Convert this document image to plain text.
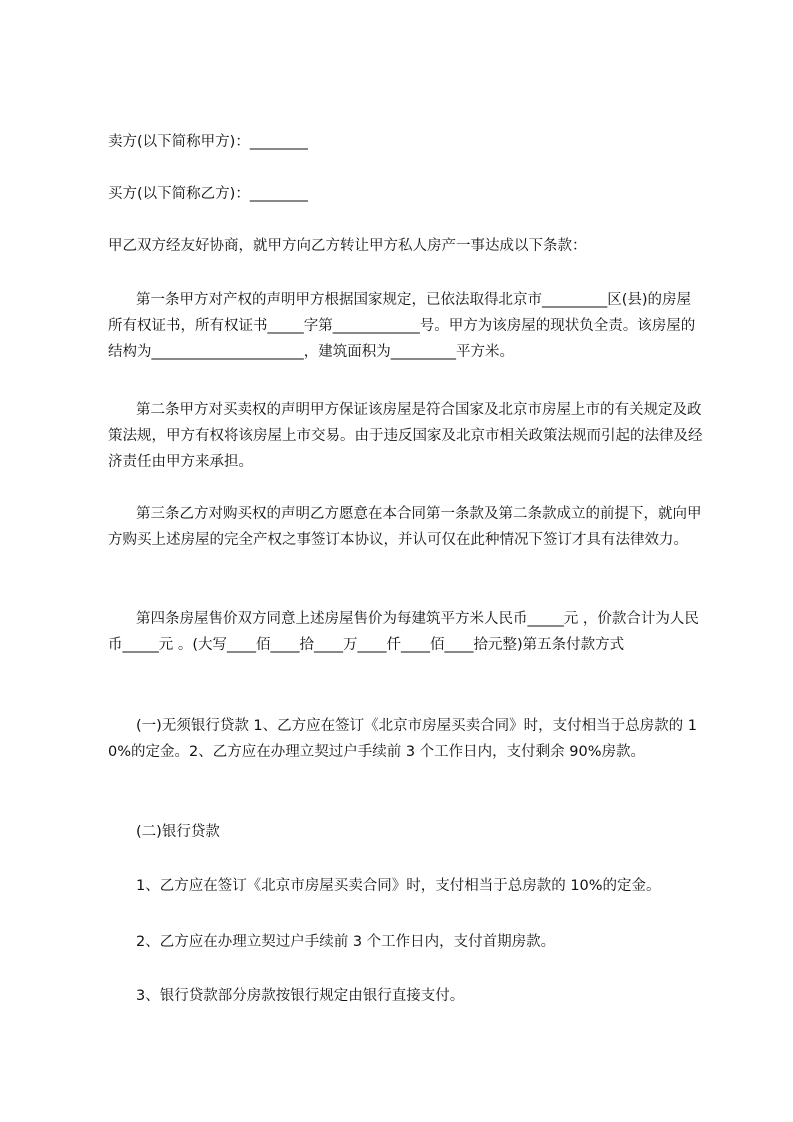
卖方(以下简称甲方)：________
买方(以下简称乙方)：________
甲乙双方经友好协商，就甲方向乙方转让甲方私人房产一事达成以下条款：
第一条甲方对产权的声明甲方根据国家规定，已依法取得北京市_________区(县)的房屋所有权证书，所有权证书_____字第____________号。甲方为该房屋的现状负全责。该房屋的结构为_____________________，建筑面积为_________平方米。
第二条甲方对买卖权的声明甲方保证该房屋是符合国家及北京市房屋上市的有关规定及政策法规，甲方有权将该房屋上市交易。由于违反国家及北京市相关政策法规而引起的法律及经济责任由甲方来承担。
第三条乙方对购买权的声明乙方愿意在本合同第一条款及第二条款成立的前提下，就向甲方购买上述房屋的完全产权之事签订本协议，并认可仅在此种情况下签订才具有法律效力。
第四条房屋售价双方同意上述房屋售价为每建筑平方米人民币_____元 ，价款合计为人民币_____元 。(大写____佰____拾____万____仟____佰____拾元整)第五条付款方式
(一)无须银行贷款 1、乙方应在签订《北京市房屋买卖合同》时，支付相当于总房款的 10%的定金。2、乙方应在办理立契过户手续前 3 个工作日内，支付剩余 90%房款。
(二)银行贷款
1、乙方应在签订《北京市房屋买卖合同》时，支付相当于总房款的 10%的定金。
2、乙方应在办理立契过户手续前 3 个工作日内，支付首期房款。
3、银行贷款部分房款按银行规定由银行直接支付。
